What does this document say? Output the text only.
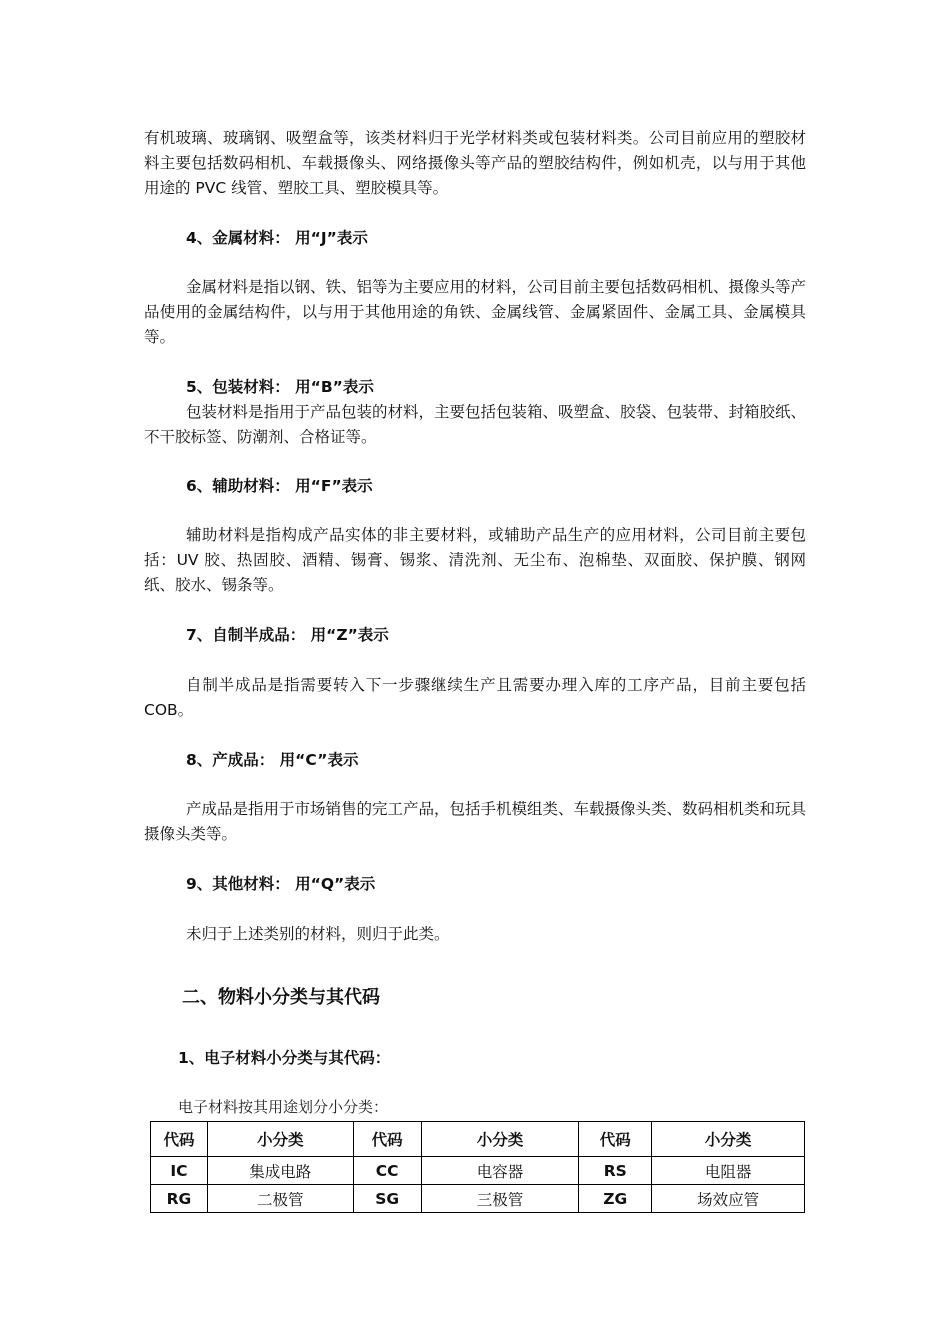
有机玻璃、玻璃钢、吸塑盒等，该类材料归于光学材料类或包装材料类。公司目前应用的塑胶材料主要包括数码相机、车载摄像头、网络摄像头等产品的塑胶结构件，例如机壳，以与用于其他用途的 PVC 线管、塑胶工具、塑胶模具等。

4、金属材料： 用“J”表示

金属材料是指以钢、铁、铝等为主要应用的材料，公司目前主要包括数码相机、摄像头等产品使用的金属结构件，以与用于其他用途的角铁、金属线管、金属紧固件、金属工具、金属模具等。

5、包装材料： 用“B”表示

包装材料是指用于产品包装的材料，主要包括包装箱、吸塑盒、胶袋、包装带、封箱胶纸、不干胶标签、防潮剂、合格证等。

6、辅助材料： 用“F”表示

辅助材料是指构成产品实体的非主要材料，或辅助产品生产的应用材料，公司目前主要包括：UV 胶、热固胶、酒精、锡膏、锡浆、清洗剂、无尘布、泡棉垫、双面胶、保护膜、钢网纸、胶水、锡条等。

7、自制半成品： 用“Z”表示

自制半成品是指需要转入下一步骤继续生产且需要办理入库的工序产品，目前主要包括 COB。

8、产成品： 用“C”表示

产成品是指用于市场销售的完工产品，包括手机模组类、车载摄像头类、数码相机类和玩具摄像头类等。

9、其他材料： 用“Q”表示

未归于上述类别的材料，则归于此类。

二、物料小分类与其代码

1、电子材料小分类与其代码：

电子材料按其用途划分小分类：

代码	小分类	代码	小分类	代码	小分类
IC	集成电路	CC	电容器	RS	电阻器
RG	二极管	SG	三极管	ZG	场效应管
